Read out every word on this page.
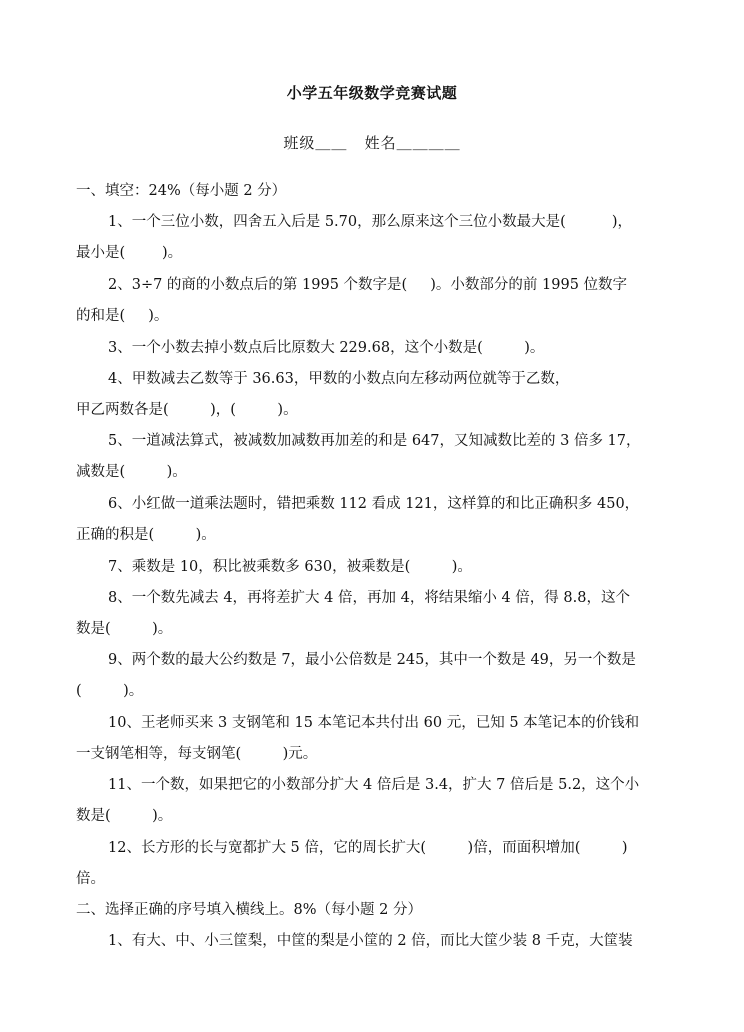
小学五年级数学竞赛试题
班级＿＿   姓名＿＿＿＿
一、填空：24%（每小题 2 分）
1、一个三位小数，四舍五入后是 5.70，那么原来这个三位小数最大是(          )，
最小是(        )。
2、3÷7 的商的小数点后的第 1995 个数字是(     )。小数部分的前 1995 位数字
的和是(     )。
3、一个小数去掉小数点后比原数大 229.68，这个小数是(         )。
4、甲数减去乙数等于 36.63，甲数的小数点向左移动两位就等于乙数，
甲乙两数各是(         )，(         )。
5、一道减法算式，被减数加减数再加差的和是 647，又知减数比差的 3 倍多 17，
减数是(         )。
6、小红做一道乘法题时，错把乘数 112 看成 121，这样算的和比正确积多 450，
正确的积是(         )。
7、乘数是 10，积比被乘数多 630，被乘数是(         )。
8、一个数先减去 4，再将差扩大 4 倍，再加 4，将结果缩小 4 倍，得 8.8，这个
数是(         )。
9、两个数的最大公约数是 7，最小公倍数是 245，其中一个数是 49，另一个数是
(         )。
10、王老师买来 3 支钢笔和 15 本笔记本共付出 60 元，已知 5 本笔记本的价钱和
一支钢笔相等，每支钢笔(         )元。
11、一个数，如果把它的小数部分扩大 4 倍后是 3.4，扩大 7 倍后是 5.2，这个小
数是(         )。
12、长方形的长与宽都扩大 5 倍，它的周长扩大(         )倍，而面积增加(         )
倍。
二、选择正确的序号填入横线上。8%（每小题 2 分）
1、有大、中、小三筐梨，中筐的梨是小筐的 2 倍，而比大筐少装 8 千克，大筐装
